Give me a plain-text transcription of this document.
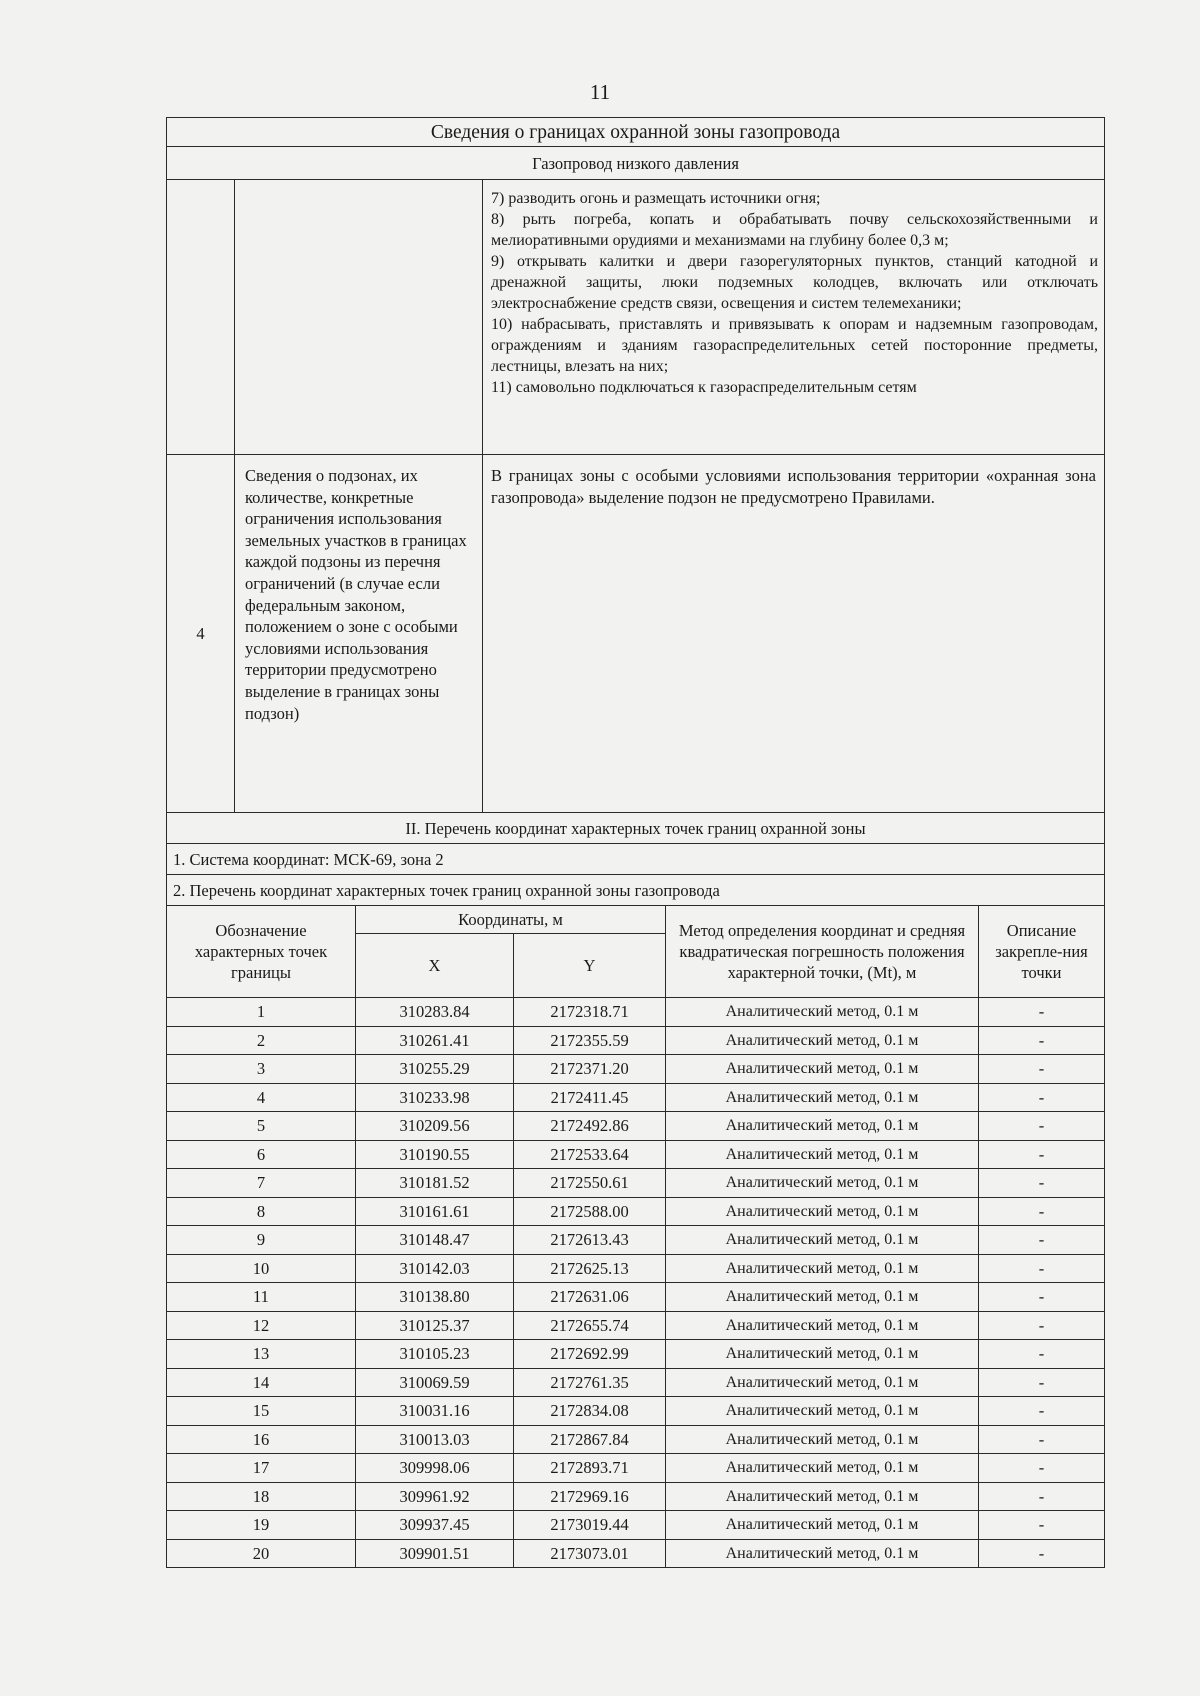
11
Сведения о границах охранной зоны газопровода		
Газопровод низкого давления		

		7) разводить огонь и размещать источники огня;
8) рыть погреба, копать и обрабатывать почву сельскохозяйственными и мелиоративными орудиями и механизмами на глубину более 0,3 м;
9) открывать калитки и двери газорегуляторных пунктов, станций катодной и дренажной защиты, люки подземных колодцев, включать или отключать электроснабжение средств связи, освещения и систем телемеханики;
10) набрасывать, приставлять и привязывать к опорам и надземным газопроводам, ограждениям и зданиям газораспределительных сетей посторонние предметы, лестницы, влезать на них;
11) самовольно подключаться к газораспределительным сетям

4	Сведения о подзонах, их количестве, конкретные ограничения использования земельных участков в границах каждой подзоны из перечня ограничений (в случае если федеральным законом, положением о зоне с особыми условиями использования территории предусмотрено выделение в границах зоны подзон)	В границах зоны с особыми условиями использования территории «охранная зона газопровода» выделение подзон не предусмотрено Правилами.
II. Перечень координат характерных точек границ охранной зоны		
1. Система координат: МСК-69, зона 2		
2. Перечень координат характерных точек границ охранной зоны газопровода		
Обозначение характерных точек границы	Координаты, м		Метод определения координат и средняя квадратическая погрешность положения характерной точки, (Mt), м	Описание закрепле-ния точки
	X	Y		
1	310283.84	2172318.71	Аналитический метод, 0.1 м	-
2	310261.41	2172355.59	Аналитический метод, 0.1 м	-
3	310255.29	2172371.20	Аналитический метод, 0.1 м	-
4	310233.98	2172411.45	Аналитический метод, 0.1 м	-
5	310209.56	2172492.86	Аналитический метод, 0.1 м	-
6	310190.55	2172533.64	Аналитический метод, 0.1 м	-
7	310181.52	2172550.61	Аналитический метод, 0.1 м	-
8	310161.61	2172588.00	Аналитический метод, 0.1 м	-
9	310148.47	2172613.43	Аналитический метод, 0.1 м	-
10	310142.03	2172625.13	Аналитический метод, 0.1 м	-
11	310138.80	2172631.06	Аналитический метод, 0.1 м	-
12	310125.37	2172655.74	Аналитический метод, 0.1 м	-
13	310105.23	2172692.99	Аналитический метод, 0.1 м	-
14	310069.59	2172761.35	Аналитический метод, 0.1 м	-
15	310031.16	2172834.08	Аналитический метод, 0.1 м	-
16	310013.03	2172867.84	Аналитический метод, 0.1 м	-
17	309998.06	2172893.71	Аналитический метод, 0.1 м	-
18	309961.92	2172969.16	Аналитический метод, 0.1 м	-
19	309937.45	2173019.44	Аналитический метод, 0.1 м	-
20	309901.51	2173073.01	Аналитический метод, 0.1 м	-
